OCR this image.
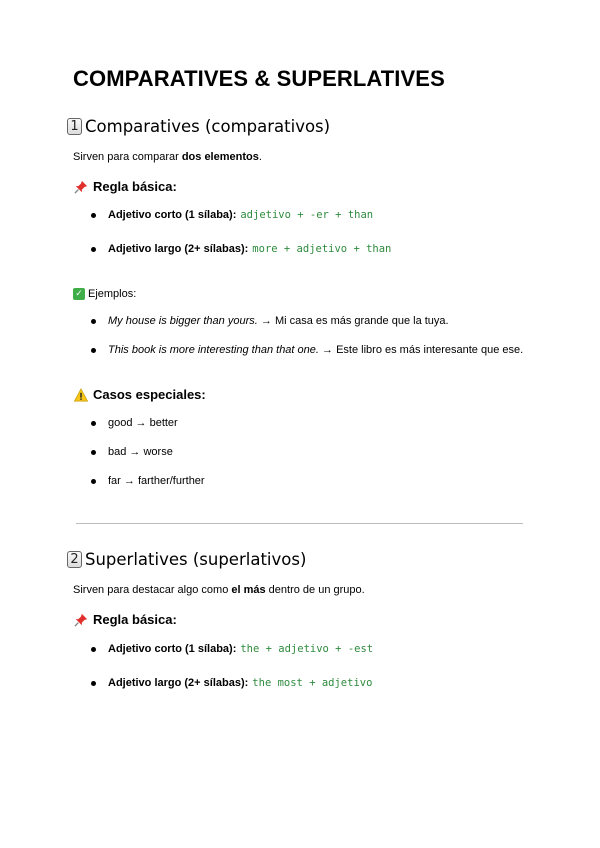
COMPARATIVES & SUPERLATIVES
1 Comparatives (comparativos)

Sirven para comparar dos elementos.

Regla básica:
Adjetivo corto (1 sílaba): adjetivo + -er + than
Adjetivo largo (2+ sílabas): more + adjetivo + than
✓ Ejemplos:
My house is bigger than yours. → Mi casa es más grande que la tuya.
This book is more interesting than that one. → Este libro es más interesante que ese.
Casos especiales:
good → better
bad → worse
far → farther/further
2 Superlatives (superlativos)

Sirven para destacar algo como el más dentro de un grupo.

Regla básica:
Adjetivo corto (1 sílaba): the + adjetivo + -est
Adjetivo largo (2+ sílabas): the most + adjetivo
